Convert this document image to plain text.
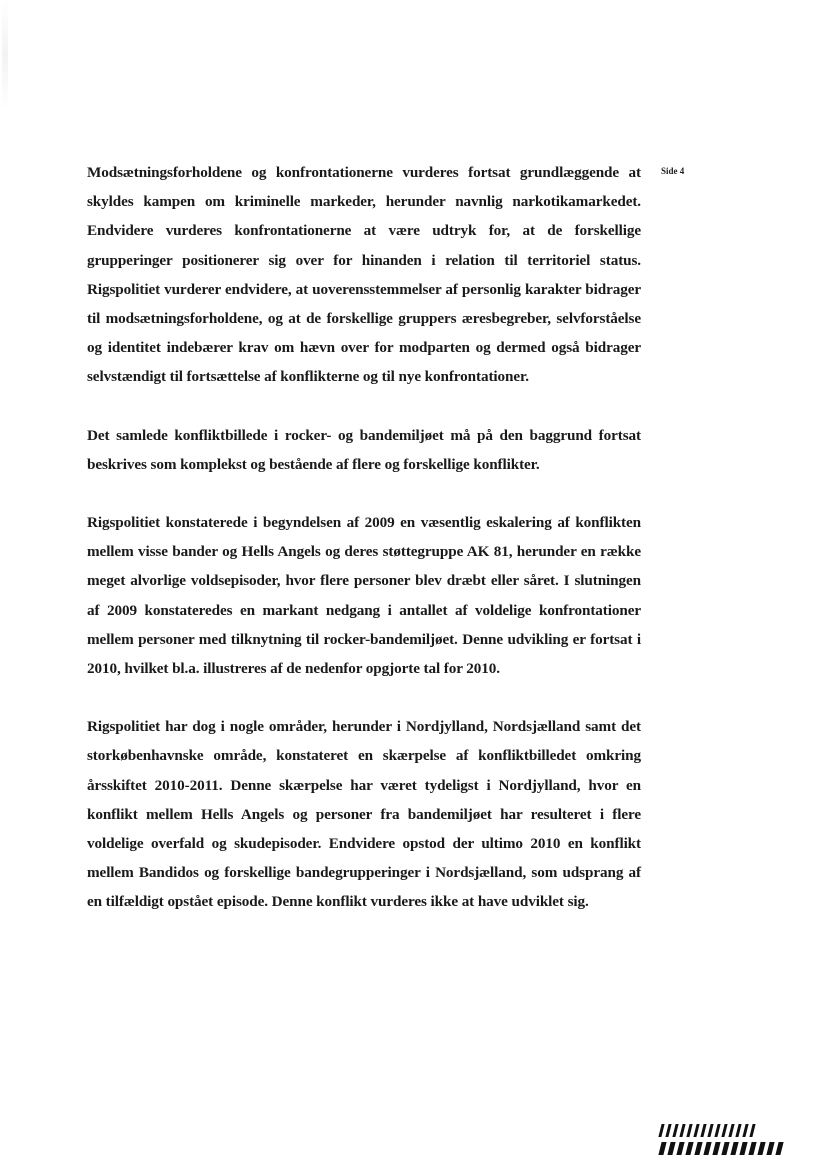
Side 4

Modsætningsforholdene og konfrontationerne vurderes fortsat grundlæggende at skyldes kampen om kriminelle markeder, herunder navnlig narkotikamarkedet. Endvidere vurderes konfrontationerne at være udtryk for, at de forskellige grupperinger positionerer sig over for hinanden i relation til territoriel status. Rigspolitiet vurderer endvidere, at uoverensstemmelser af personlig karakter bidrager til modsætningsforholdene, og at de forskellige gruppers æresbegreber, selvforståelse og identitet indebærer krav om hævn over for modparten og dermed også bidrager selvstændigt til fortsættelse af konflikterne og til nye konfrontationer.

Det samlede konfliktbillede i rocker- og bandemiljøet må på den baggrund fortsat beskrives som komplekst og bestående af flere og forskellige konflikter.

Rigspolitiet konstaterede i begyndelsen af 2009 en væsentlig eskalering af konflikten mellem visse bander og Hells Angels og deres støttegruppe AK 81, herunder en række meget alvorlige voldsepisoder, hvor flere personer blev dræbt eller såret. I slutningen af 2009 konstateredes en markant nedgang i antallet af voldelige konfrontationer mellem personer med tilknytning til rocker-bandemiljøet. Denne udvikling er fortsat i 2010, hvilket bl.a. illustreres af de nedenfor opgjorte tal for 2010.

Rigspolitiet har dog i nogle områder, herunder i Nordjylland, Nordsjælland samt det storkøbenhavnske område, konstateret en skærpelse af konfliktbilledet omkring årsskiftet 2010-2011. Denne skærpelse har været tydeligst i Nordjylland, hvor en konflikt mellem Hells Angels og personer fra bandemiljøet har resulteret i flere voldelige overfald og skudepisoder. Endvidere opstod der ultimo 2010 en konflikt mellem Bandidos og forskellige bandegrupperinger i Nordsjælland, som udsprang af en tilfældigt opstået episode. Denne konflikt vurderes ikke at have udviklet sig.
